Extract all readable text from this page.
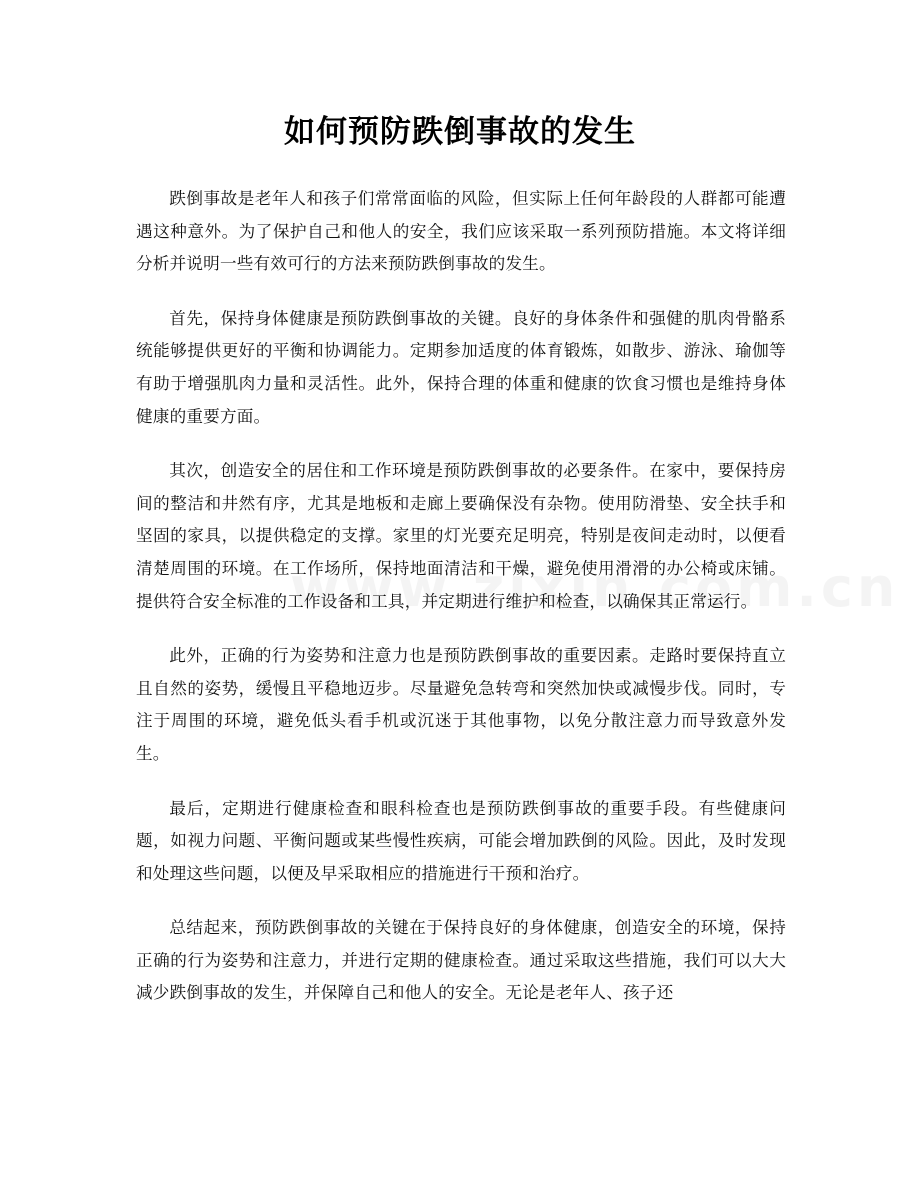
如何预防跌倒事故的发生

跌倒事故是老年人和孩子们常常面临的风险，但实际上任何年龄段的人群都可能遭遇这种意外。为了保护自己和他人的安全，我们应该采取一系列预防措施。本文将详细分析并说明一些有效可行的方法来预防跌倒事故的发生。

首先，保持身体健康是预防跌倒事故的关键。良好的身体条件和强健的肌肉骨骼系统能够提供更好的平衡和协调能力。定期参加适度的体育锻炼，如散步、游泳、瑜伽等有助于增强肌肉力量和灵活性。此外，保持合理的体重和健康的饮食习惯也是维持身体健康的重要方面。

其次，创造安全的居住和工作环境是预防跌倒事故的必要条件。在家中，要保持房间的整洁和井然有序，尤其是地板和走廊上要确保没有杂物。使用防滑垫、安全扶手和坚固的家具，以提供稳定的支撑。家里的灯光要充足明亮，特别是夜间走动时，以便看清楚周围的环境。在工作场所，保持地面清洁和干燥，避免使用滑滑的办公椅或床铺。提供符合安全标准的工作设备和工具，并定期进行维护和检查，以确保其正常运行。

此外，正确的行为姿势和注意力也是预防跌倒事故的重要因素。走路时要保持直立且自然的姿势，缓慢且平稳地迈步。尽量避免急转弯和突然加快或减慢步伐。同时，专注于周围的环境，避免低头看手机或沉迷于其他事物，以免分散注意力而导致意外发生。

最后，定期进行健康检查和眼科检查也是预防跌倒事故的重要手段。有些健康问题，如视力问题、平衡问题或某些慢性疾病，可能会增加跌倒的风险。因此，及时发现和处理这些问题，以便及早采取相应的措施进行干预和治疗。

总结起来，预防跌倒事故的关键在于保持良好的身体健康，创造安全的环境，保持正确的行为姿势和注意力，并进行定期的健康检查。通过采取这些措施，我们可以大大减少跌倒事故的发生，并保障自己和他人的安全。无论是老年人、孩子还
